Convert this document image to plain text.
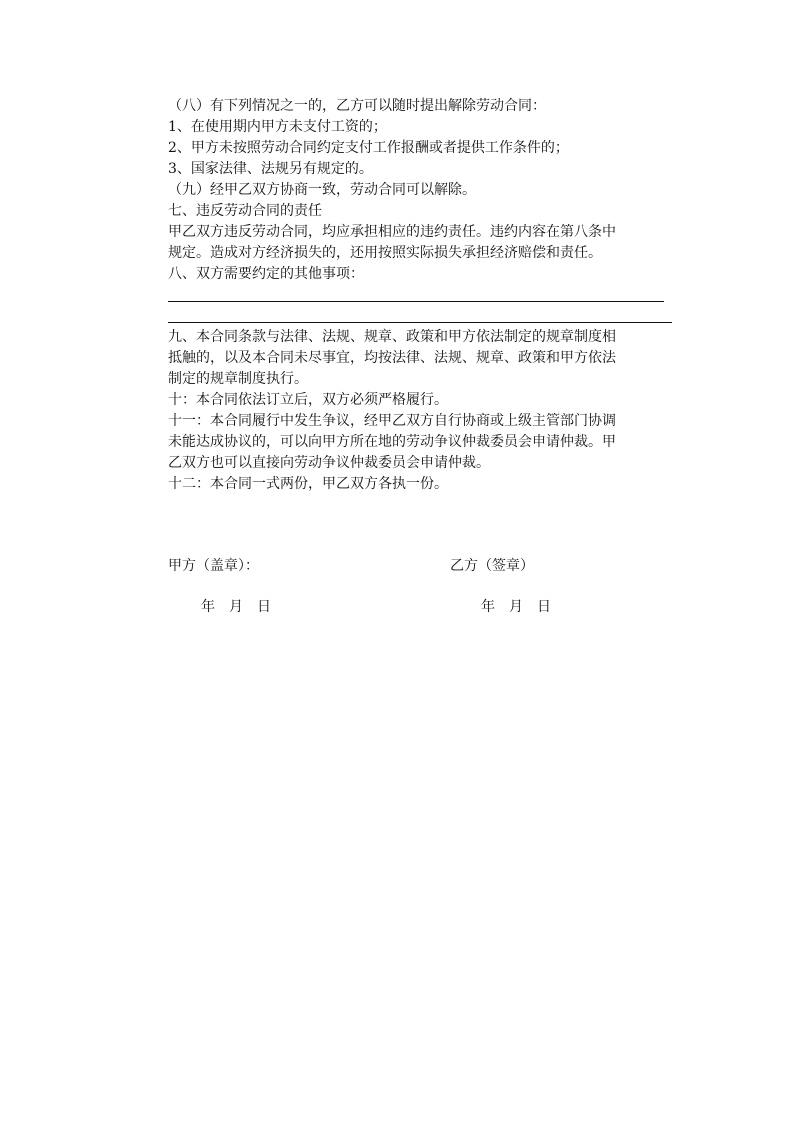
（八）有下列情况之一的，乙方可以随时提出解除劳动合同：
1、在使用期内甲方未支付工资的；
2、甲方未按照劳动合同约定支付工作报酬或者提供工作条件的；
3、国家法律、法规另有规定的。
（九）经甲乙双方协商一致，劳动合同可以解除。
七、违反劳动合同的责任
甲乙双方违反劳动合同，均应承担相应的违约责任。违约内容在第八条中
规定。造成对方经济损失的，还用按照实际损失承担经济赔偿和责任。
八、双方需要约定的其他事项：
九、本合同条款与法律、法规、规章、政策和甲方依法制定的规章制度相
抵触的，以及本合同未尽事宜，均按法律、法规、规章、政策和甲方依法
制定的规章制度执行。
十：本合同依法订立后，双方必须严格履行。
十一：本合同履行中发生争议，经甲乙双方自行协商或上级主管部门协调
未能达成协议的，可以向甲方所在地的劳动争议仲裁委员会申请仲裁。甲
乙双方也可以直接向劳动争议仲裁委员会申请仲裁。
十二：本合同一式两份，甲乙双方各执一份。
甲方（盖章）：	乙方（签章）
年　月　日	年　月　日
